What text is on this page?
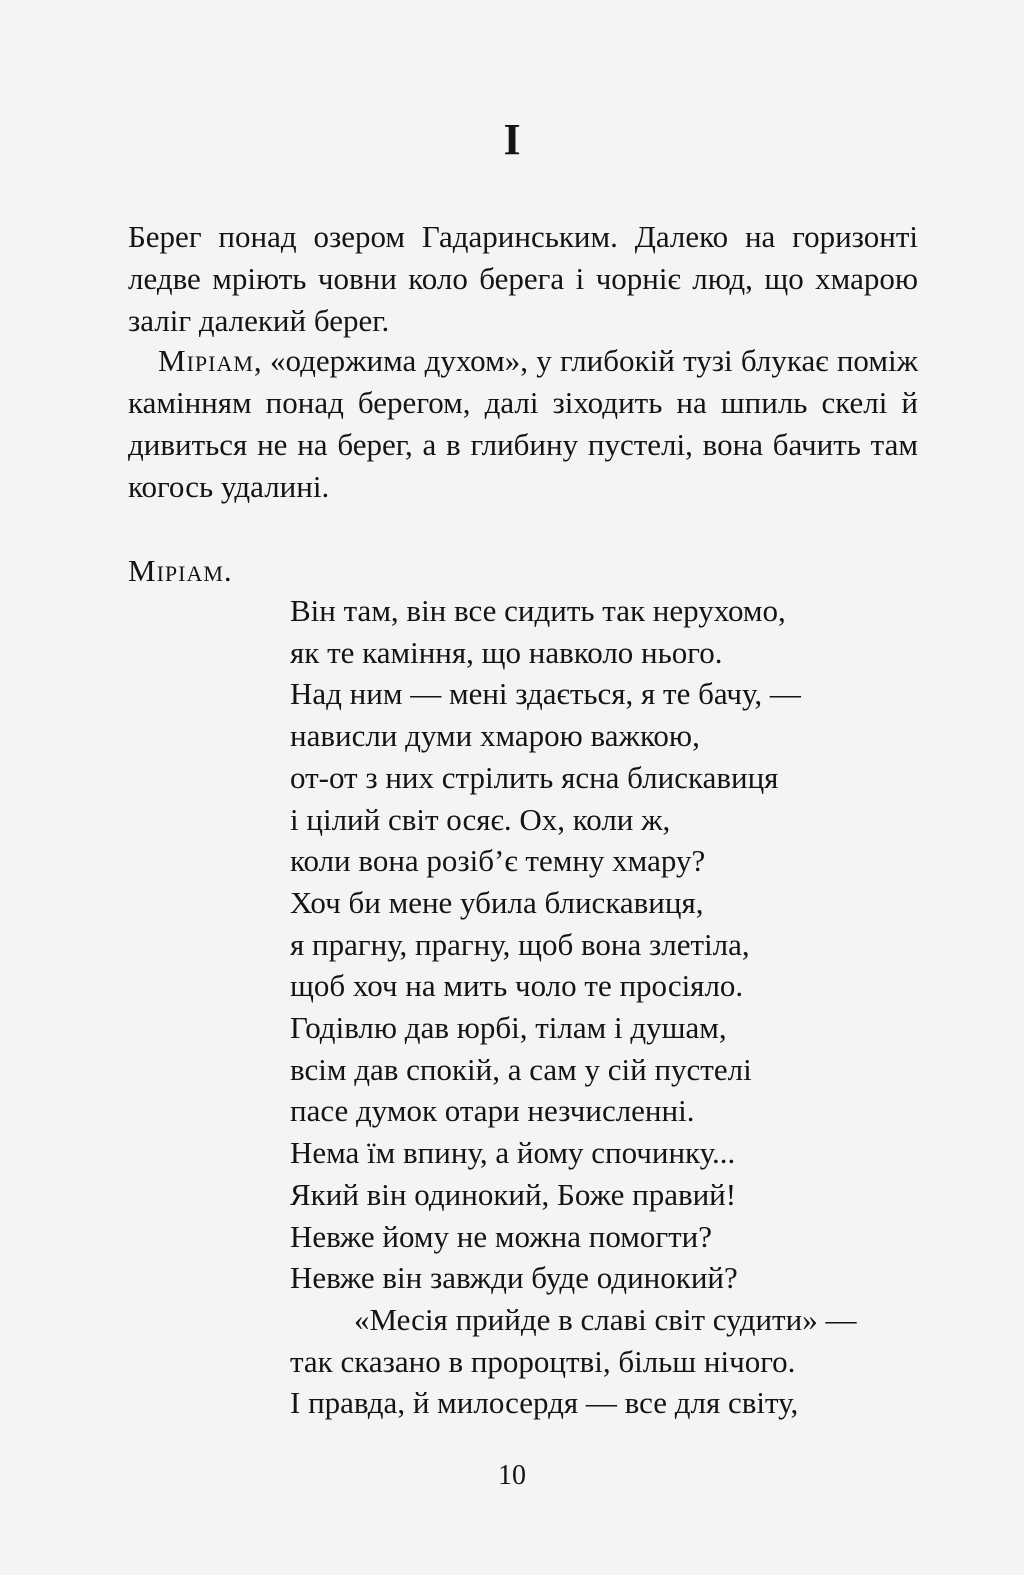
I

Берег понад озером Гадаринським. Далеко на горизонті ледве мріють човни коло берега і чорніє люд, що хмарою заліг далекий берег.

Міріам, «одержима духом», у глибокій тузі блукає поміж камінням понад берегом, далі зіходить на шпиль скелі й дивиться не на берег, а в глибину пустелі, вона бачить там когось удалині.

Міріам.
Він там, він все сидить так нерухомо,
як те каміння, що навколо нього.
Над ним — мені здається, я те бачу, —
нависли думи хмарою важкою,
от-от з них стрілить ясна блискавиця
і цілий світ осяє. Ох, коли ж,
коли вона розіб’є темну хмару?
Хоч би мене убила блискавиця,
я прагну, прагну, щоб вона злетіла,
щоб хоч на мить чоло те просіяло.
Годівлю дав юрбі, тілам і душам,
всім дав спокій, а сам у сій пустелі
пасе думок отари незчисленні.
Нема їм впину, а йому спочинку...
Який він одинокий, Боже правий!
Невже йому не можна помогти?
Невже він завжди буде одинокий?
«Месія прийде в славі світ судити» —
так сказано в пророцтві, більш нічого.
І правда, й милосердя — все для світу,
10
